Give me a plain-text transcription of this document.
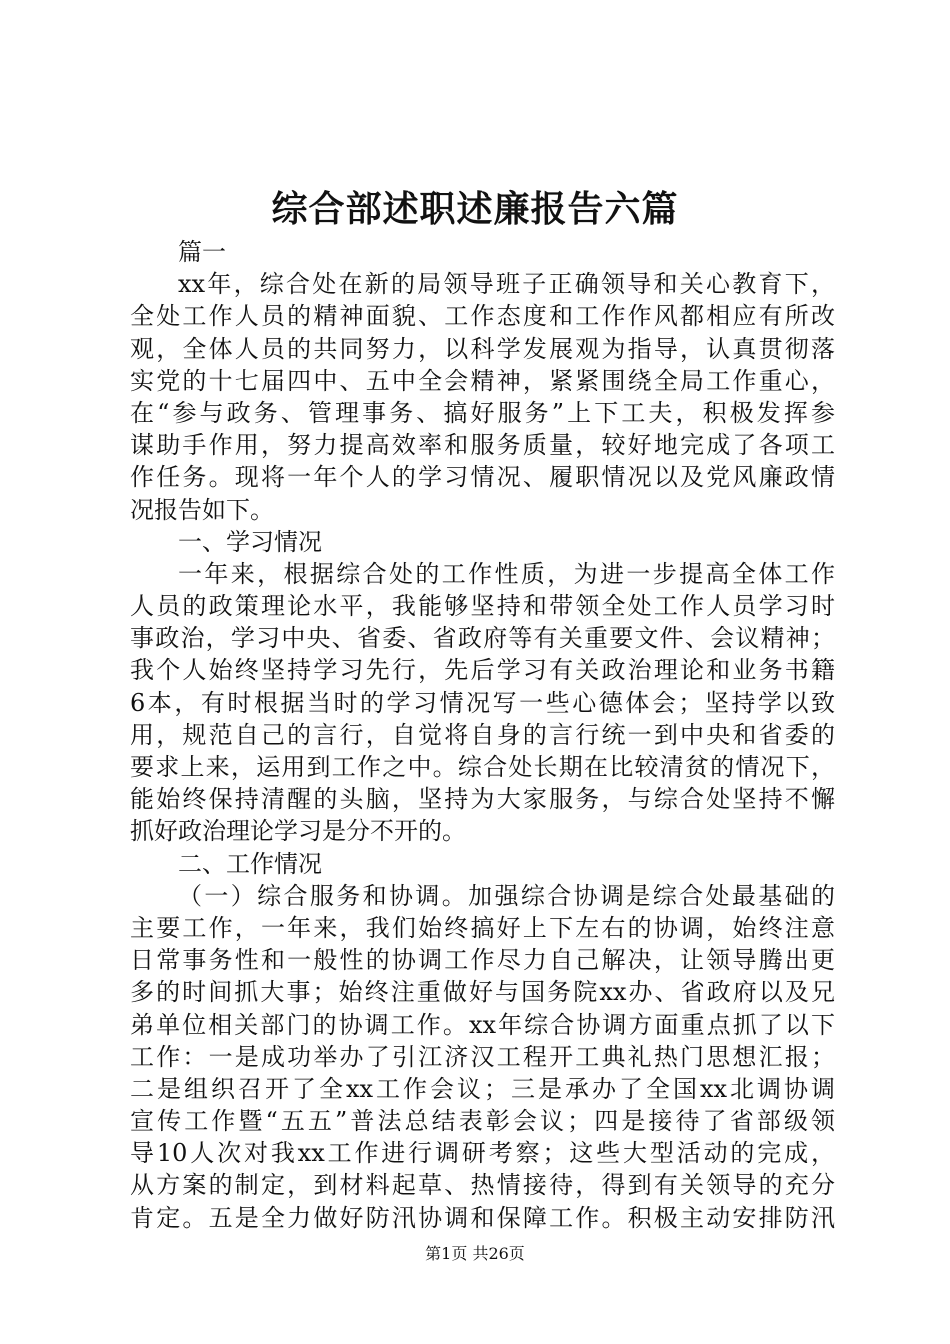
综合部述职述廉报告六篇
篇一
xx年，综合处在新的局领导班子正确领导和关心教育下，
全处工作人员的精神面貌、工作态度和工作作风都相应有所改
观，全体人员的共同努力，以科学发展观为指导，认真贯彻落
实党的十七届四中、五中全会精神，紧紧围绕全局工作重心，
在“参与政务、管理事务、搞好服务”上下工夫，积极发挥参
谋助手作用，努力提高效率和服务质量，较好地完成了各项工
作任务。现将一年个人的学习情况、履职情况以及党风廉政情
况报告如下。
一、学习情况
一年来，根据综合处的工作性质，为进一步提高全体工作
人员的政策理论水平，我能够坚持和带领全处工作人员学习时
事政治，学习中央、省委、省政府等有关重要文件、会议精神；
我个人始终坚持学习先行，先后学习有关政治理论和业务书籍
6本，有时根据当时的学习情况写一些心德体会；坚持学以致
用，规范自己的言行，自觉将自身的言行统一到中央和省委的
要求上来，运用到工作之中。综合处长期在比较清贫的情况下，
能始终保持清醒的头脑，坚持为大家服务，与综合处坚持不懈
抓好政治理论学习是分不开的。
二、工作情况
（一）综合服务和协调。加强综合协调是综合处最基础的
主要工作，一年来，我们始终搞好上下左右的协调，始终注意
日常事务性和一般性的协调工作尽力自己解决，让领导腾出更
多的时间抓大事；始终注重做好与国务院xx办、省政府以及兄
弟单位相关部门的协调工作。xx年综合协调方面重点抓了以下
工作：一是成功举办了引江济汉工程开工典礼热门思想汇报；
二是组织召开了全xx工作会议；三是承办了全国xx北调协调
宣传工作暨“五五”普法总结表彰会议；四是接待了省部级领
导10人次对我xx工作进行调研考察；这些大型活动的完成，
从方案的制定，到材料起草、热情接待，得到有关领导的充分
肯定。五是全力做好防汛协调和保障工作。积极主动安排防汛
第1页 共26页
